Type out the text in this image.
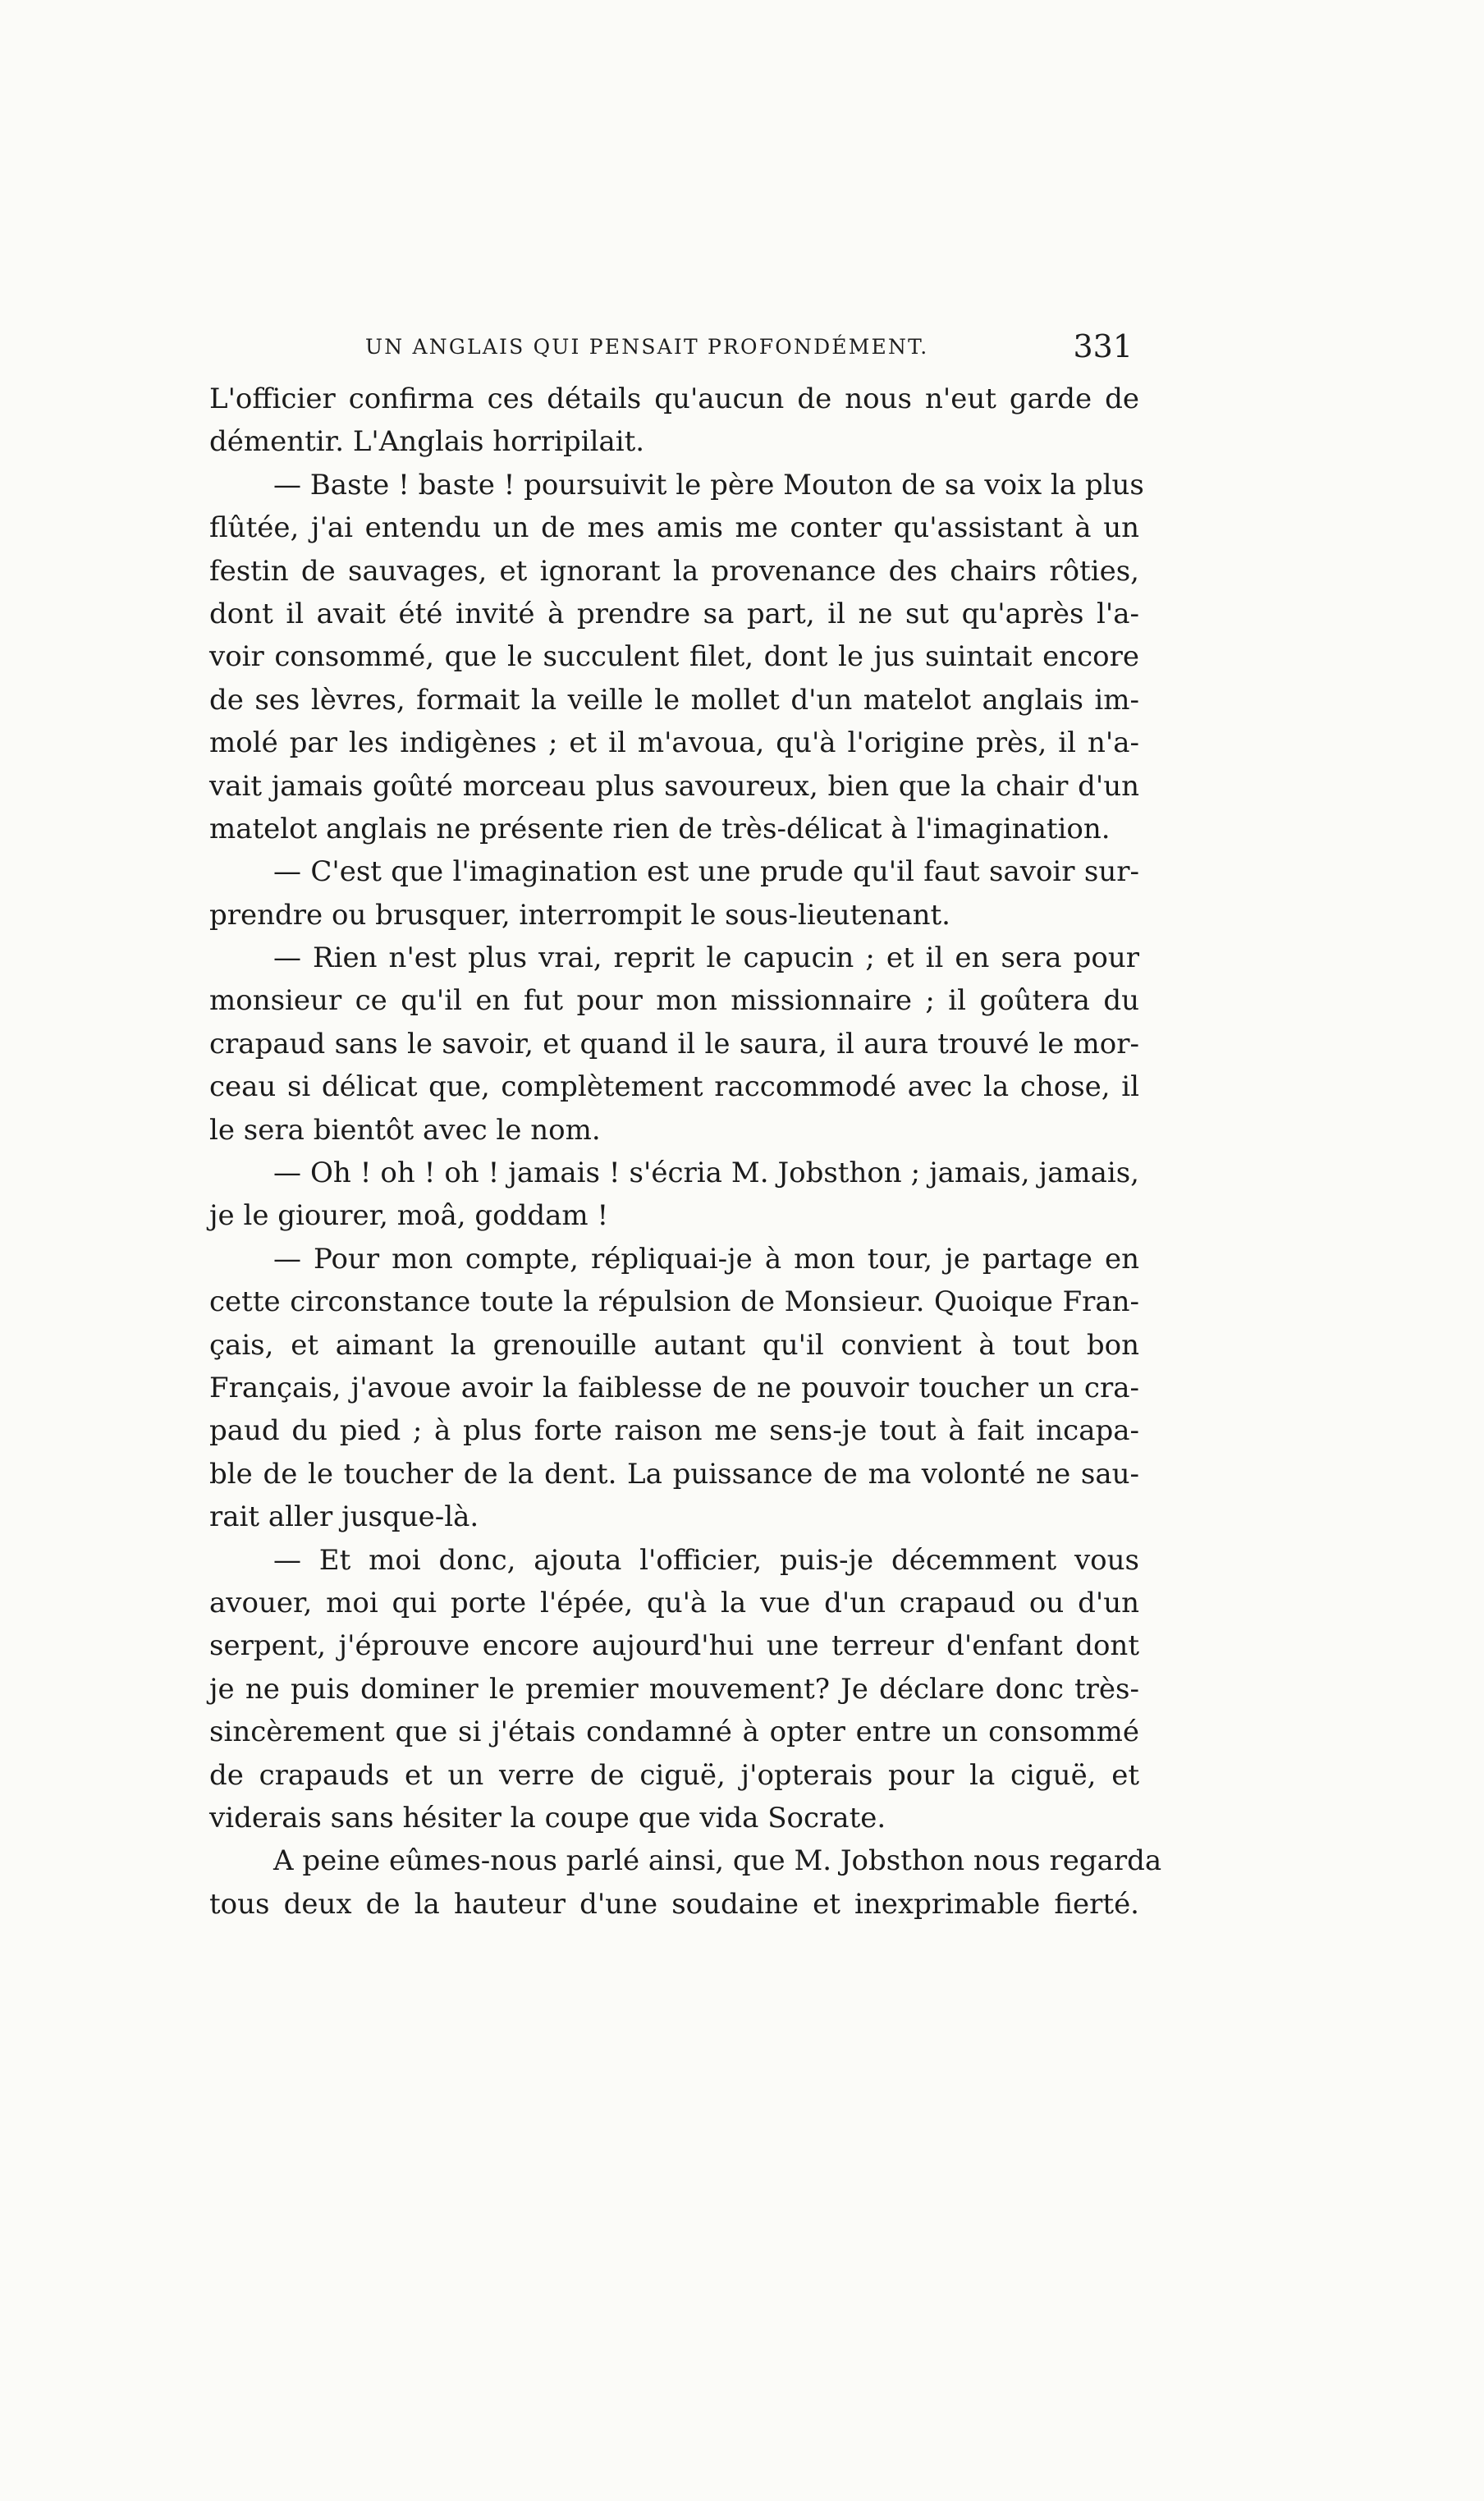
UN ANGLAIS QUI PENSAIT PROFONDÉMENT.	331
L'officier confirma ces détails qu'aucun de nous n'eut garde de
démentir. L'Anglais horripilait.
— Baste ! baste ! poursuivit le père Mouton de sa voix la plus
flûtée, j'ai entendu un de mes amis me conter qu'assistant à un
festin de sauvages, et ignorant la provenance des chairs rôties,
dont il avait été invité à prendre sa part, il ne sut qu'après l'a-
voir consommé, que le succulent filet, dont le jus suintait encore
de ses lèvres, formait la veille le mollet d'un matelot anglais im-
molé par les indigènes ; et il m'avoua, qu'à l'origine près, il n'a-
vait jamais goûté morceau plus savoureux, bien que la chair d'un
matelot anglais ne présente rien de très-délicat à l'imagination.
— C'est que l'imagination est une prude qu'il faut savoir sur-
prendre ou brusquer, interrompit le sous-lieutenant.
— Rien n'est plus vrai, reprit le capucin ; et il en sera pour
monsieur ce qu'il en fut pour mon missionnaire ; il goûtera du
crapaud sans le savoir, et quand il le saura, il aura trouvé le mor-
ceau si délicat que, complètement raccommodé avec la chose, il
le sera bientôt avec le nom.
— Oh ! oh ! oh ! jamais ! s'écria M. Jobsthon ; jamais, jamais,
je le giourer, moâ, goddam !
— Pour mon compte, répliquai-je à mon tour, je partage en
cette circonstance toute la répulsion de Monsieur. Quoique Fran-
çais, et aimant la grenouille autant qu'il convient à tout bon
Français, j'avoue avoir la faiblesse de ne pouvoir toucher un cra-
paud du pied ; à plus forte raison me sens-je tout à fait incapa-
ble de le toucher de la dent. La puissance de ma volonté ne sau-
rait aller jusque-là.
— Et moi donc, ajouta l'officier, puis-je décemment vous
avouer, moi qui porte l'épée, qu'à la vue d'un crapaud ou d'un
serpent, j'éprouve encore aujourd'hui une terreur d'enfant dont
je ne puis dominer le premier mouvement? Je déclare donc très-
sincèrement que si j'étais condamné à opter entre un consommé
de crapauds et un verre de ciguë, j'opterais pour la ciguë, et
viderais sans hésiter la coupe que vida Socrate.
A peine eûmes-nous parlé ainsi, que M. Jobsthon nous regarda
tous deux de la hauteur d'une soudaine et inexprimable fierté.
